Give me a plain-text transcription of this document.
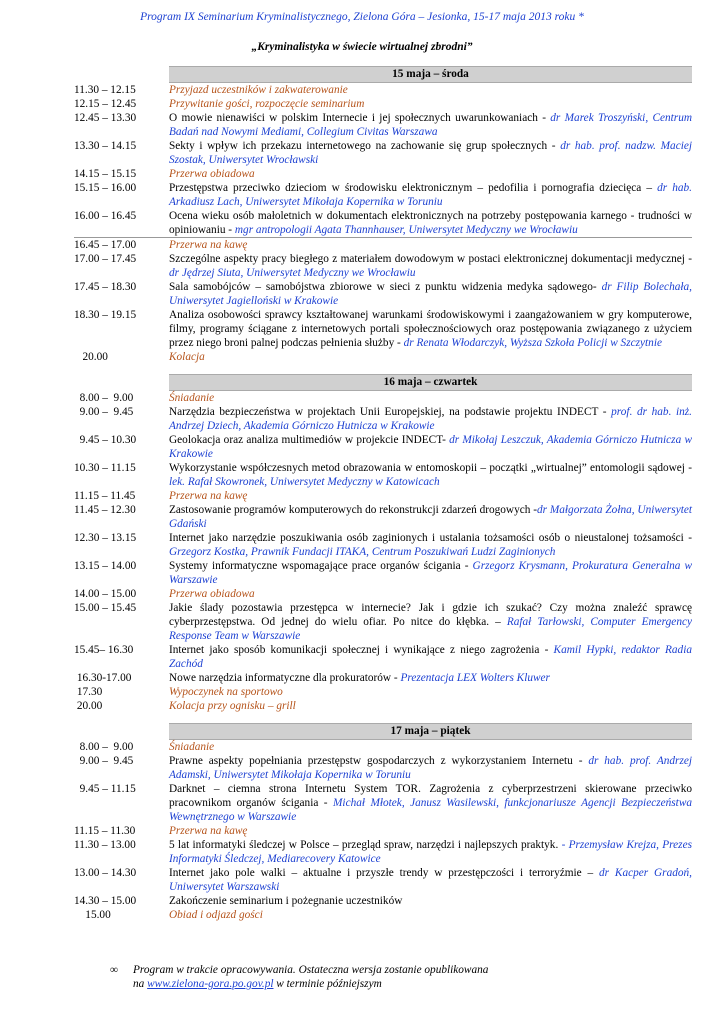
Program IX Seminarium Kryminalistycznego, Zielona Góra – Jesionka, 15-17 maja 2013 roku *
„Kryminalistyka w świecie wirtualnej zbrodni”
15 maja – środa
11.30 – 12.15	Przyjazd uczestników i zakwaterowanie
12.15 – 12.45	Przywitanie gości, rozpoczęcie seminarium
12.45 – 13.30	O mowie nienawiści w polskim Internecie i jej społecznych uwarunkowaniach - dr Marek Troszyński, Centrum Badań nad Nowymi Mediami, Collegium Civitas Warszawa
13.30 – 14.15	Sekty i wpływ ich przekazu internetowego na zachowanie się grup społecznych - dr hab. prof. nadzw. Maciej Szostak, Uniwersytet Wrocławski
14.15 – 15.15	Przerwa obiadowa
15.15 – 16.00	Przestępstwa przeciwko dzieciom w środowisku elektronicznym – pedofilia i pornografia dziecięca – dr hab. Arkadiusz Lach, Uniwersytet Mikołaja Kopernika w Toruniu
16.00 – 16.45	Ocena wieku osób małoletnich w dokumentach elektronicznych na potrzeby postępowania karnego - trudności w opiniowaniu - mgr antropologii Agata Thannhauser, Uniwersytet Medyczny we Wrocławiu
16.45 – 17.00	Przerwa na kawę
17.00 – 17.45	Szczególne aspekty pracy biegłego z materiałem dowodowym w postaci elektronicznej dokumentacji medycznej - dr Jędrzej Siuta, Uniwersytet Medyczny we Wrocławiu
17.45 – 18.30	Sala samobójców – samobójstwa zbiorowe w sieci z punktu widzenia medyka sądowego- dr Filip Bolechała, Uniwersytet Jagielloński w Krakowie
18.30 – 19.15	Analiza osobowości sprawcy kształtowanej warunkami środowiskowymi i zaangażowaniem w gry komputerowe, filmy, programy ściągane z internetowych portali społecznościowych oraz postępowania związanego z użyciem przez niego broni palnej podczas pełnienia służby - dr Renata Włodarczyk, Wyższa Szkoła Policji w Szczytnie
20.00	Kolacja
16 maja – czwartek
8.00 –  9.00	Śniadanie
9.00 –  9.45	Narzędzia bezpieczeństwa w projektach Unii Europejskiej, na podstawie projektu INDECT - prof. dr hab. inż. Andrzej Dziech, Akademia Górniczo Hutnicza w Krakowie
9.45 – 10.30	Geolokacja oraz analiza multimediów w projekcie INDECT- dr Mikołaj Leszczuk, Akademia Górniczo Hutnicza w Krakowie
10.30 – 11.15	Wykorzystanie współczesnych metod obrazowania w entomoskopii – początki „wirtualnej” entomologii sądowej - lek. Rafał Skowronek, Uniwersytet Medyczny w Katowicach
11.15 – 11.45	Przerwa na kawę
11.45 – 12.30	Zastosowanie programów komputerowych do rekonstrukcji zdarzeń drogowych -dr Małgorzata Żołna, Uniwersytet Gdański
12.30 – 13.15	Internet jako narzędzie poszukiwania osób zaginionych i ustalania tożsamości osób o nieustalonej tożsamości - Grzegorz Kostka, Prawnik Fundacji ITAKA, Centrum Poszukiwań Ludzi Zaginionych
13.15 – 14.00	Systemy informatyczne wspomagające prace organów ścigania - Grzegorz Krysmann, Prokuratura Generalna w Warszawie
14.00 – 15.00	Przerwa obiadowa
15.00 – 15.45	Jakie ślady pozostawia przestępca w internecie? Jak i gdzie ich szukać? Czy można znaleźć sprawcę cyberprzestępstwa. Od jednej do wielu ofiar. Po nitce do kłębka. – Rafał Tarłowski, Computer Emergency Response Team w Warszawie
15.45– 16.30	Internet jako sposób komunikacji społecznej i wynikające z niego zagrożenia - Kamil Hypki, redaktor Radia Zachód
16.30-17.00	Nowe narzędzia informatyczne dla prokuratorów - Prezentacja LEX Wolters Kluwer
17.30	Wypoczynek na sportowo
20.00	Kolacja przy ognisku – grill
17 maja – piątek
8.00 –  9.00	Śniadanie
9.00 –  9.45	Prawne aspekty popełniania przestępstw gospodarczych z wykorzystaniem Internetu - dr hab. prof. Andrzej Adamski, Uniwersytet Mikołaja Kopernika w Toruniu
9.45 – 11.15	Darknet – ciemna strona Internetu System TOR. Zagrożenia z cyberprzestrzeni skierowane przeciwko pracownikom organów ścigania - Michał Młotek, Janusz Wasilewski, funkcjonariusze Agencji Bezpieczeństwa Wewnętrznego w Warszawie
11.15 – 11.30	Przerwa na kawę
11.30 – 13.00	5 lat informatyki śledczej w Polsce – przegląd spraw, narzędzi i najlepszych praktyk. - Przemysław Krejza, Prezes Informatyki Śledczej, Mediarecovery Katowice
13.00 – 14.30	Internet jako pole walki – aktualne i przyszłe trendy w przestępczości i terroryźmie – dr Kacper Gradoń, Uniwersytet Warszawski
14.30 – 15.00	Zakończenie seminarium i pożegnanie uczestników
15.00	Obiad i odjazd gości
∞ Program w trakcie opracowywania. Ostateczna wersja zostanie opublikowana
na www.zielona-gora.po.gov.pl w terminie późniejszym
